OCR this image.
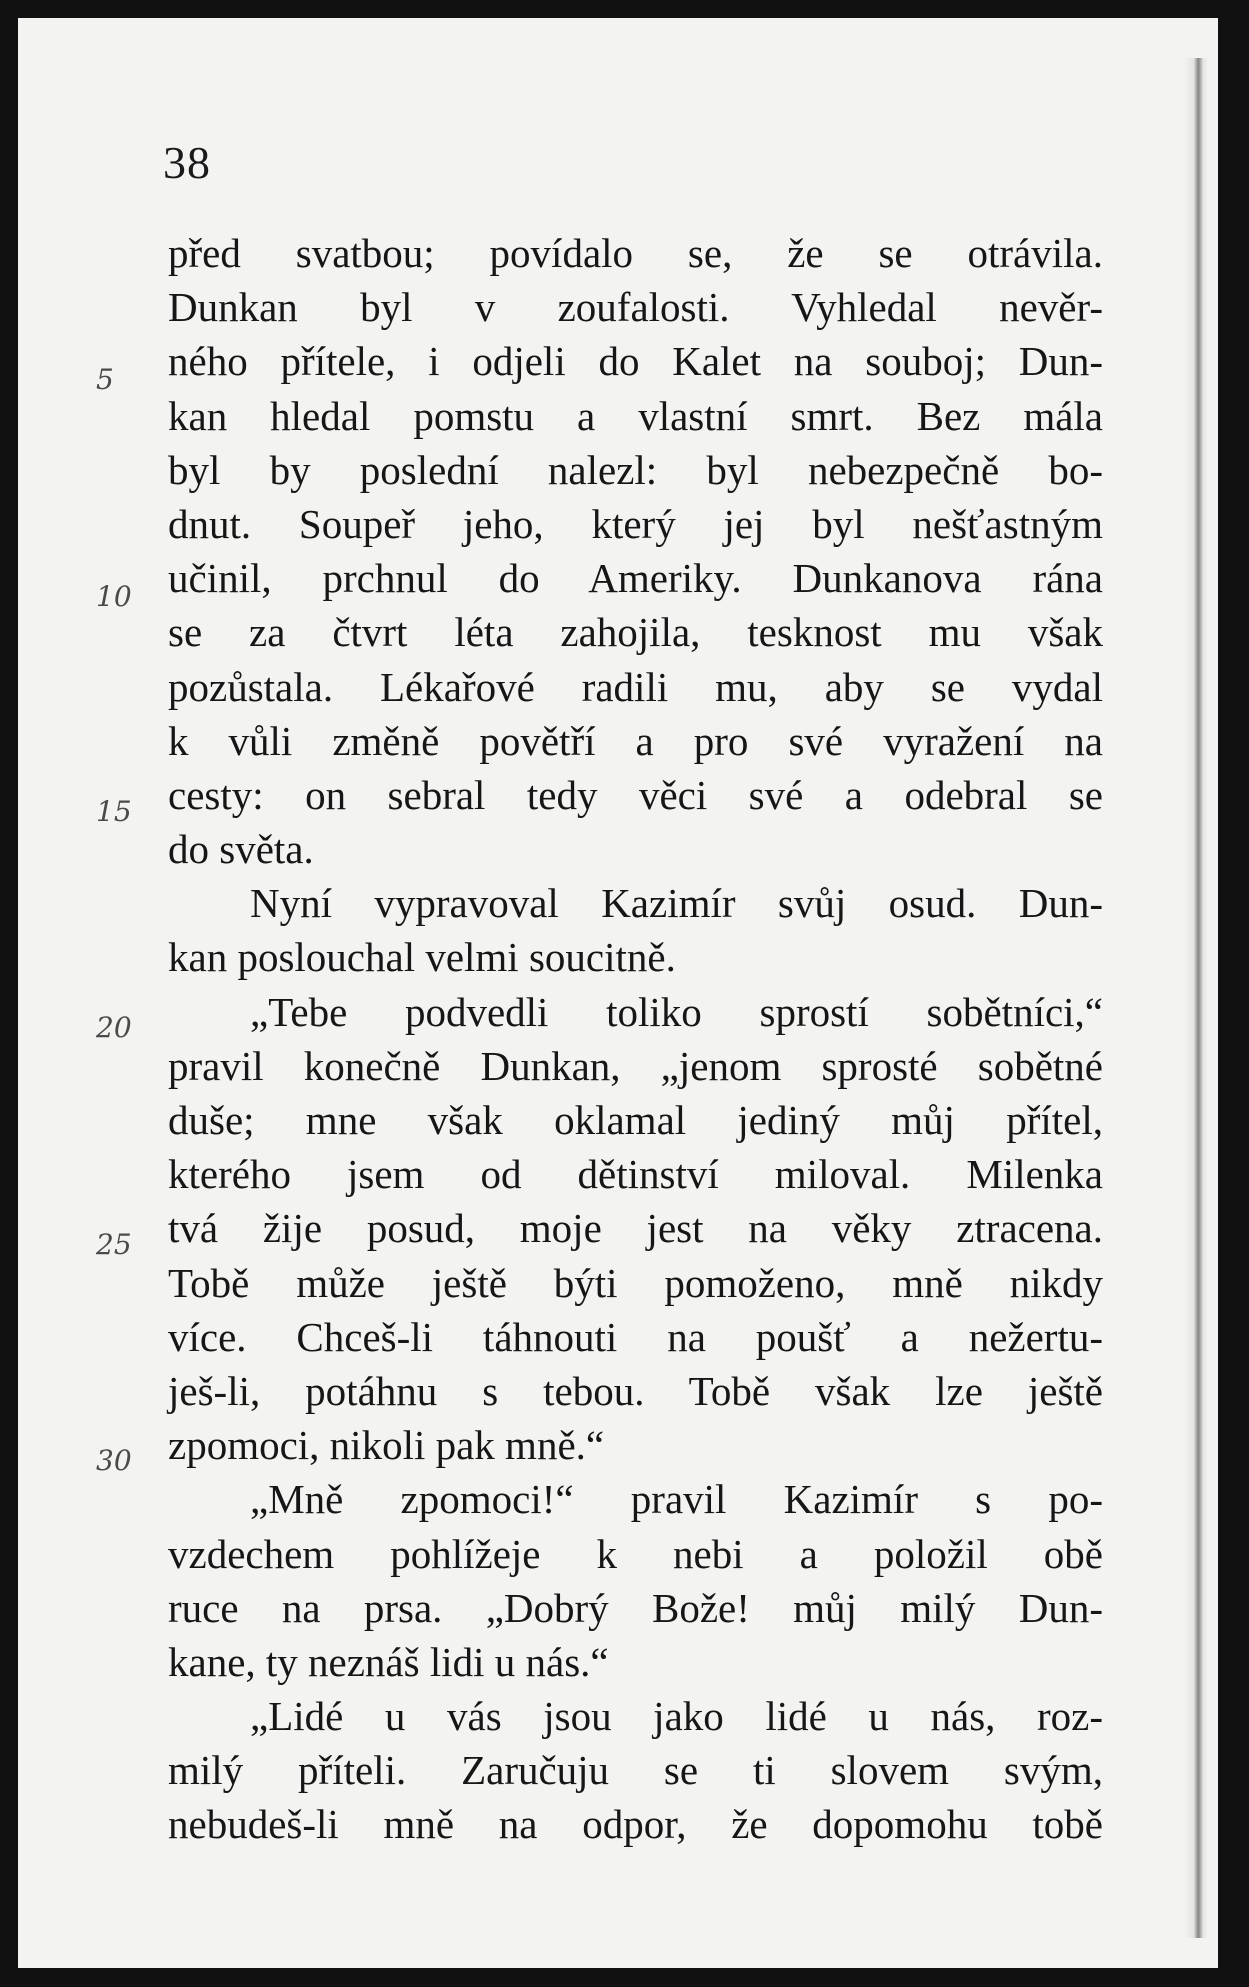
38
5
10
15
20
25
30
před svatbou; povídalo se, že se otrávila.
Dunkan byl v zoufalosti. Vyhledal nevěr-
ného přítele, i odjeli do Kalet na souboj; Dun-
kan hledal pomstu a vlastní smrt. Bez mála
byl by poslední nalezl: byl nebezpečně bo-
dnut. Soupeř jeho, který jej byl nešťastným
učinil, prchnul do Ameriky. Dunkanova rána
se za čtvrt léta zahojila, tesknost mu však
pozůstala. Lékařové radili mu, aby se vydal
k vůli změně povětří a pro své vyražení na
cesty: on sebral tedy věci své a odebral se
do světa.
Nyní vypravoval Kazimír svůj osud. Dun-
kan poslouchal velmi soucitně.
„Tebe podvedli toliko sprostí sobětníci,“
pravil konečně Dunkan, „jenom sprosté sobětné
duše; mne však oklamal jediný můj přítel,
kterého jsem od dětinství miloval. Milenka
tvá žije posud, moje jest na věky ztracena.
Tobě může ještě býti pomoženo, mně nikdy
více. Chceš-li táhnouti na poušť a nežertu-
ješ-li, potáhnu s tebou. Tobě však lze ještě
zpomoci, nikoli pak mně.“
„Mně zpomoci!“ pravil Kazimír s po-
vzdechem pohlížeje k nebi a položil obě
ruce na prsa. „Dobrý Bože! můj milý Dun-
kane, ty neznáš lidi u nás.“
„Lidé u vás jsou jako lidé u nás, roz-
milý příteli. Zaručuju se ti slovem svým,
nebudeš-li mně na odpor, že dopomohu tobě
